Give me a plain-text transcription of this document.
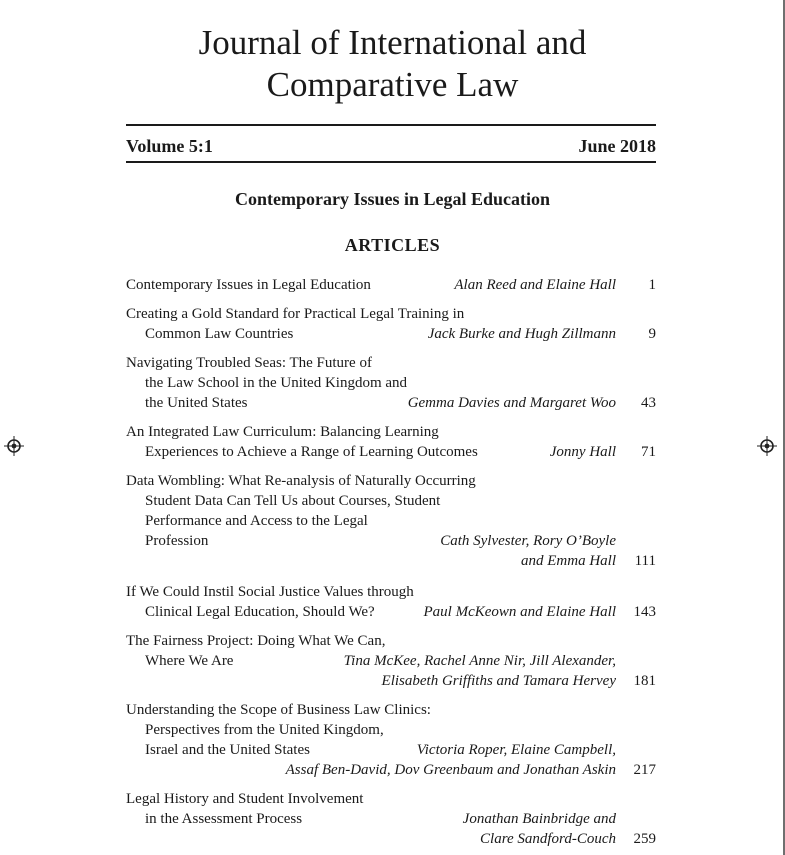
Journal of International and
Comparative Law
Volume 5:1	June 2018
Contemporary Issues in Legal Education
ARTICLES
Contemporary Issues in Legal Education	Alan Reed and Elaine Hall	1
Creating a Gold Standard for Practical Legal Training in
Common Law Countries	Jack Burke and Hugh Zillmann	9
Navigating Troubled Seas: The Future of
the Law School in the United Kingdom and
the United States	Gemma Davies and Margaret Woo	43
An Integrated Law Curriculum: Balancing Learning
Experiences to Achieve a Range of Learning Outcomes	Jonny Hall	71
Data Wombling: What Re-analysis of Naturally Occurring
Student Data Can Tell Us about Courses, Student
Performance and Access to the Legal
Profession	Cath Sylvester, Rory O’Boyle
and Emma Hall	111
If We Could Instil Social Justice Values through
Clinical Legal Education, Should We?	Paul McKeown and Elaine Hall	143
The Fairness Project: Doing What We Can,
Where We Are	Tina McKee, Rachel Anne Nir, Jill Alexander,
Elisabeth Griffiths and Tamara Hervey	181
Understanding the Scope of Business Law Clinics:
Perspectives from the United Kingdom,
Israel and the United States	Victoria Roper, Elaine Campbell,
Assaf Ben-David, Dov Greenbaum and Jonathan Askin	217
Legal History and Student Involvement
in the Assessment Process	Jonathan Bainbridge and
Clare Sandford-Couch	259
